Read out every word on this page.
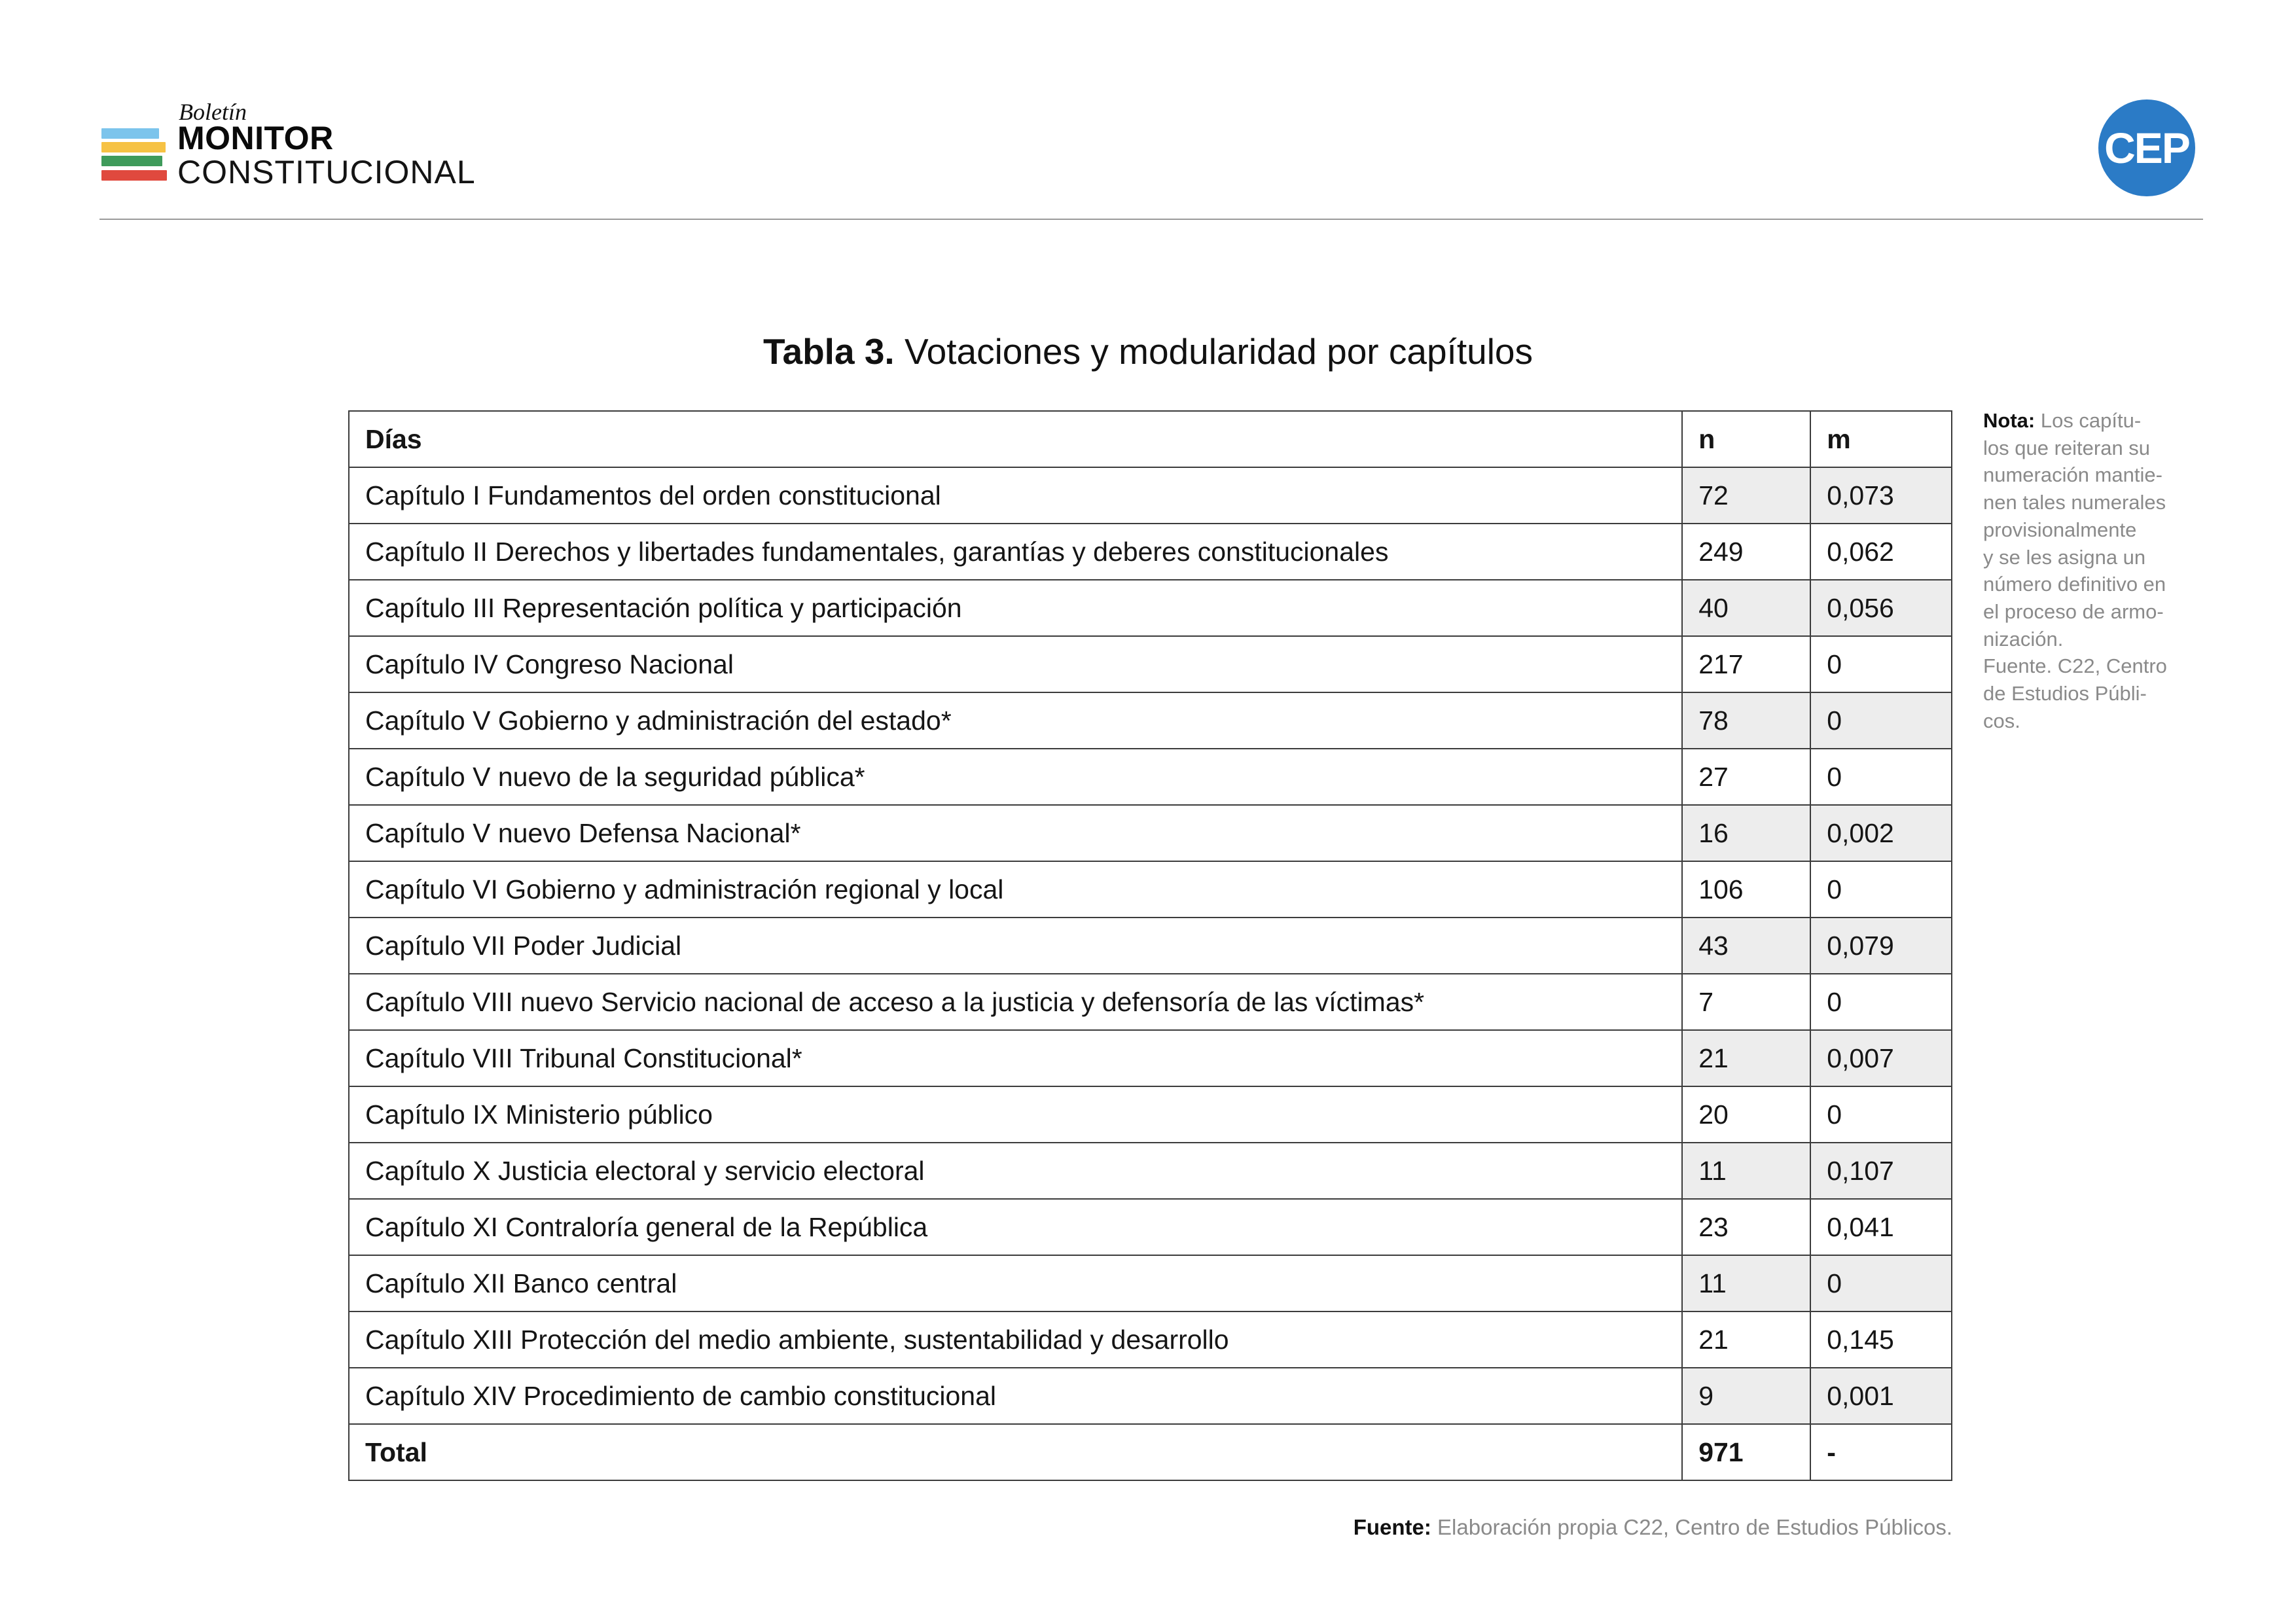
Boletín
MONITOR
CONSTITUCIONAL	CEP
Tabla 3. Votaciones y modularidad por capítulos
Días	n	m
Capítulo I Fundamentos del orden constitucional	72	0,073
Capítulo II Derechos y libertades fundamentales, garantías y deberes constitucionales	249	0,062
Capítulo III Representación política y participación	40	0,056
Capítulo IV Congreso Nacional	217	0
Capítulo V Gobierno y administración del estado*	78	0
Capítulo V nuevo de la seguridad pública*	27	0
Capítulo V nuevo Defensa Nacional*	16	0,002
Capítulo VI Gobierno y administración regional y local	106	0
Capítulo VII Poder Judicial	43	0,079
Capítulo VIII nuevo Servicio nacional de acceso a la justicia y defensoría de las víctimas*	7	0
Capítulo VIII Tribunal Constitucional*	21	0,007
Capítulo IX Ministerio público	20	0
Capítulo X Justicia electoral y servicio electoral	11	0,107
Capítulo XI Contraloría general de la República	23	0,041
Capítulo XII Banco central	11	0
Capítulo XIII Protección del medio ambiente, sustentabilidad y desarrollo	21	0,145
Capítulo XIV Procedimiento de cambio constitucional	9	0,001
Total	971	-
Nota: Los capítu-
los que reiteran su
numeración mantie-
nen tales numerales
provisionalmente
y se les asigna un
número definitivo en
el proceso de armo-
nización.
Fuente. C22, Centro
de Estudios Públi-
cos.
Fuente: Elaboración propia C22, Centro de Estudios Públicos.
